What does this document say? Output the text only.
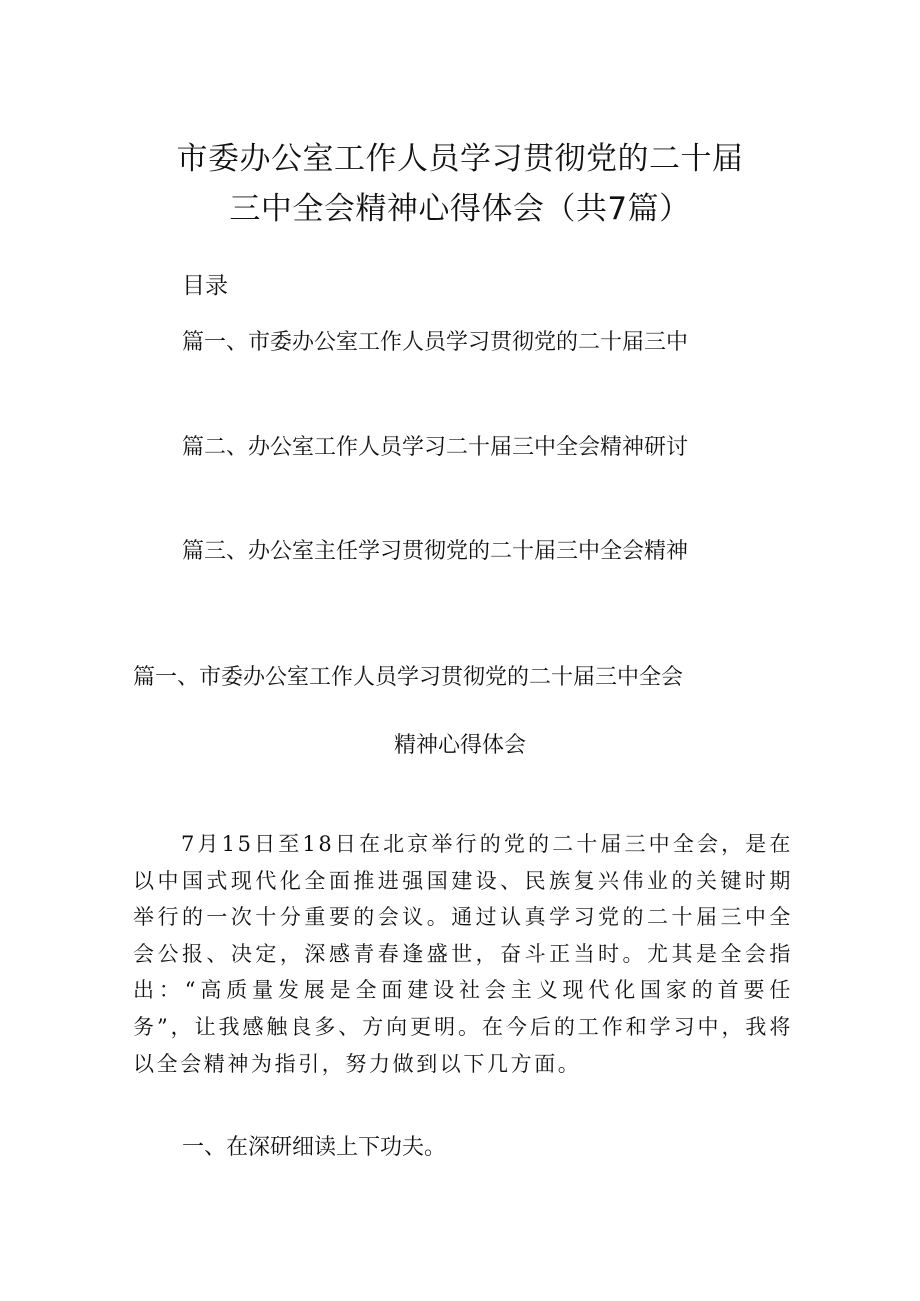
市委办公室工作人员学习贯彻党的二十届
三中全会精神心得体会（共7篇）
目录
篇一、市委办公室工作人员学习贯彻党的二十届三中
篇二、办公室工作人员学习二十届三中全会精神研讨
篇三、办公室主任学习贯彻党的二十届三中全会精神
篇一、市委办公室工作人员学习贯彻党的二十届三中全会
精神心得体会

7月15日至18日在北京举行的党的二十届三中全会，是在以中国式现代化全面推进强国建设、民族复兴伟业的关键时期举行的一次十分重要的会议。通过认真学习党的二十届三中全会公报、决定，深感青春逢盛世，奋斗正当时。尤其是全会指出：“高质量发展是全面建设社会主义现代化国家的首要任务”，让我感触良多、方向更明。在今后的工作和学习中，我将以全会精神为指引，努力做到以下几方面。

一、在深研细读上下功夫。
